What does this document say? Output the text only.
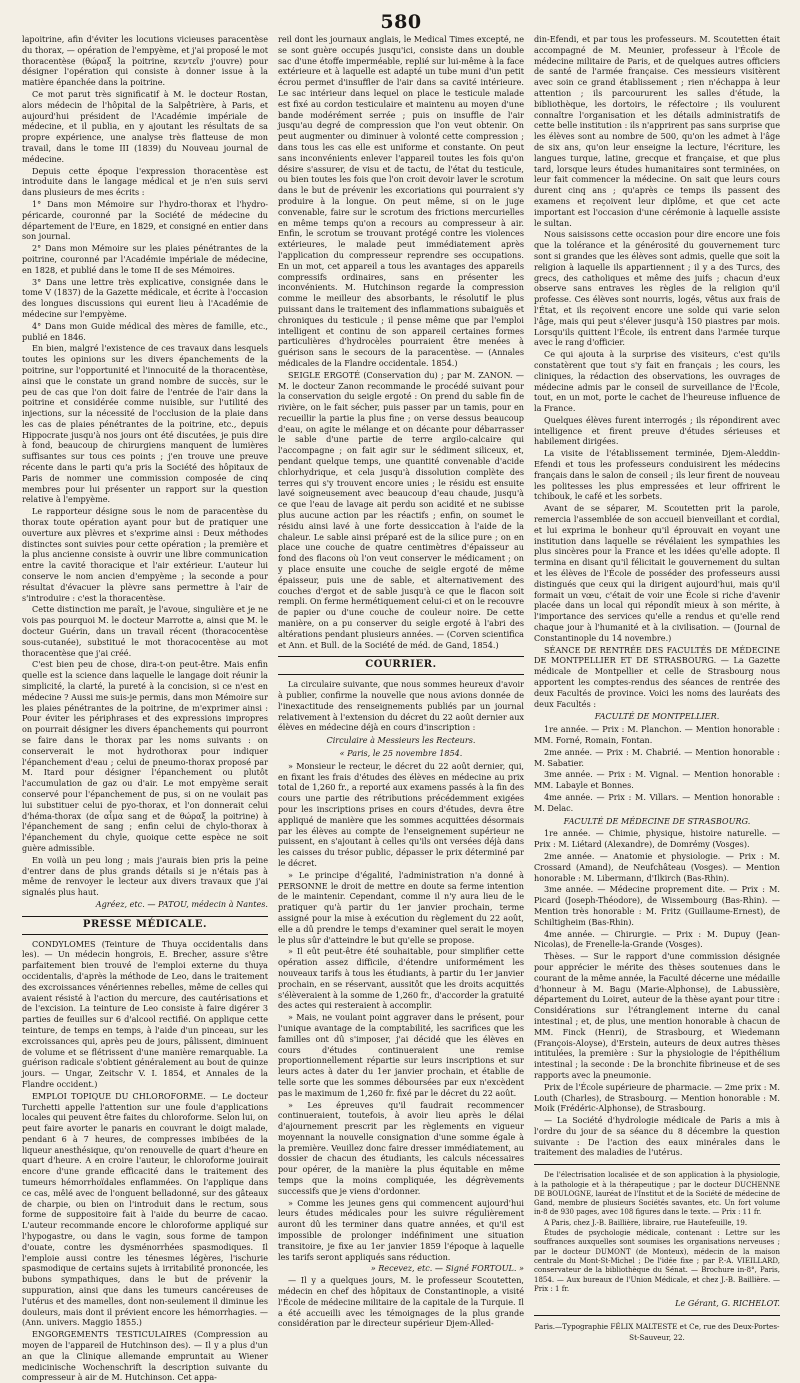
580

lapoitrine, afin d'éviter les locutions vicieuses paracentèse du thorax, — opération de l'empyème, et j'ai proposé le mot thoracentèse (θώραξ la poitrine, κεντεῖν j'ouvre) pour désigner l'opération qui consiste à donner issue à la matière épanchée dans la poitrine.

Ce mot parut très significatif à M. le docteur Rostan, alors médecin de l'hôpital de la Salpêtrière, à Paris, et aujourd'hui président de l'Académie impériale de médecine, et il publia, en y ajoutant les résultats de sa propre expérience, une analyse très flatteuse de mon travail, dans le tome III (1839) du Nouveau journal de médecine.

Depuis cette époque l'expression thoracentèse est introduite dans le langage médical et je n'en suis servi dans plusieurs de mes écrits :

1° Dans mon Mémoire sur l'hydro-thorax et l'hydro-péricarde, couronné par la Société de médecine du département de l'Eure, en 1829, et consigné en entier dans son journal.

2° Dans mon Mémoire sur les plaies pénétrantes de la poitrine, couronné par l'Académie impériale de médecine, en 1828, et publié dans le tome II de ses Mémoires.

3° Dans une lettre très explicative, consignée dans le tome V (1837) de la Gazette médicale, et écrite à l'occasion des longues discussions qui eurent lieu à l'Académie de médecine sur l'empyème.

4° Dans mon Guide médical des mères de famille, etc., publié en 1846.

En bien, malgré l'existence de ces travaux dans lesquels toutes les opinions sur les divers épanchements de la poitrine, sur l'opportunité et l'innocuité de la thoracentèse, ainsi que le constate un grand nombre de succès, sur le peu de cas que l'on doit faire de l'entrée de l'air dans la poitrine et considérée comme nuisible, sur l'utilité des injections, sur la nécessité de l'occlusion de la plaie dans les cas de plaies pénétrantes de la poitrine, etc., depuis Hippocrate jusqu'à nos jours ont été discutées, je puis dire à fond, beaucoup de chirurgiens manquent de lumières suffisantes sur tous ces points ; j'en trouve une preuve récente dans le parti qu'a pris la Société des hôpitaux de Paris de nommer une commission composée de cinq membres pour lui présenter un rapport sur la question relative à l'empyème.

Le rapporteur désigne sous le nom de paracentèse du thorax toute opération ayant pour but de pratiquer une ouverture aux plèvres et s'exprime ainsi : Deux méthodes distinctes sont suivies pour cette opération ; la première et la plus ancienne consiste à ouvrir une libre communication entre la cavité thoracique et l'air extérieur. L'auteur lui conserve le nom ancien d'empyème ; la seconde a pour résultat d'évacuer la plèvre sans permettre à l'air de s'introduire : c'est la thoracentèse.

Cette distinction me paraît, je l'avoue, singulière et je ne vois pas pourquoi M. le docteur Marrotte a, ainsi que M. le docteur Guérin, dans un travail récent (thoracocentèse sous-cutanée), substitué le mot thoracocentèse au mot thoracentèse que j'ai créé.

C'est bien peu de chose, dira-t-on peut-être. Mais enfin quelle est la science dans laquelle le langage doit réunir la simplicité, la clarté, la pureté à la concision, si ce n'est en médecine ? Aussi me suis-je permis, dans mon Mémoire sur les plaies pénétrantes de la poitrine, de m'exprimer ainsi : Pour éviter les périphrases et des expressions impropres on pourrait désigner les divers épanchements qui pourront se faire dans le thorax par les noms suivants : on conserverait le mot hydrothorax pour indiquer l'épanchement d'eau ; celui de pneumo-thorax proposé par M. Itard pour désigner l'épanchement ou plutôt l'accumulation de gaz ou d'air. Le mot empyème serait conservé pour l'épanchement de pus, si on ne voulait pas lui substituer celui de pyo-thorax, et l'on donnerait celui d'héma-thorax (de αἷμα sang et de θώραξ la poitrine) à l'épanchement de sang ; enfin celui de chylo-thorax à l'épanchement du chyle, quoique cette espèce ne soit guère admissible.

En voilà un peu long ; mais j'aurais bien pris la peine d'entrer dans de plus grands détails si je n'étais pas à même de renvoyer le lecteur aux divers travaux que j'ai signalés plus haut.

Agréez, etc. — PATOU, médecin à Nantes.

PRESSE MÉDICALE.

CONDYLOMES (Teinture de Thuya occidentalis dans les). — Un médecin hongrois, E. Brecher, assure s'être parfaitement bien trouvé de l'emploi externe du thuya occidentalis, d'après la méthode de Leo, dans le traitement des excroissances vénériennes rebelles, même de celles qui avaient résisté à l'action du mercure, des cautérisations et de l'excision. La teinture de Leo consiste à faire digérer 3 parties de feuilles sur 6 d'alcool rectifié. On applique cette teinture, de temps en temps, à l'aide d'un pinceau, sur les excroissances qui, après peu de jours, pâlissent, diminuent de volume et se flétrissent d'une manière remarquable. La guérison radicale s'obtient généralement au bout de quinze jours. — Ungar, Zeitschr V. I. 1854, et Annales de la Flandre occident.)

EMPLOI TOPIQUE DU CHLOROFORME. — Le docteur Turchetti appelle l'attention sur une foule d'applications locales qui peuvent être faites du chloroforme. Selon lui, on peut faire avorter le panaris en couvrant le doigt malade, pendant 6 à 7 heures, de compresses imbibées de la liqueur anesthésique, qu'on renouvelle de quart d'heure en quart d'heure. A en croire l'auteur, le chloroforme jouirait encore d'une grande efficacité dans le traitement des tumeurs hémorrhoïdales enflammées. On l'applique dans ce cas, mêlé avec de l'onguent belladonné, sur des gâteaux de charpie, ou bien on l'introduit dans le rectum, sous forme de suppositoire fait à l'aide du beurre de cacao. L'auteur recommande encore le chloroforme appliqué sur l'hypogastre, ou dans le vagin, sous forme de tampon d'ouate, contre les dysménorrhées spasmodiques. Il l'emploie aussi contre les ténesmes légères, l'ischurie spasmodique de certains sujets à irritabilité prononcée, les bubons sympathiques, dans le but de prévenir la suppuration, ainsi que dans les tumeurs cancéreuses de l'utérus et des mamelles, dont non-seulement il diminue les douleurs, mais dont il prévient encore les hémorrhagies. — (Ann. univers. Maggio 1855.)

ENGORGEMENTS TESTICULAIRES (Compression au moyen de l'appareil de Hutchinson des). — Il y a plus d'un an que la Clinique allemande empruntait au Wiener medicinische Wochenschrift la description suivante du compresseur à air de M. Hutchinson. Cet appa-

reil dont les journaux anglais, le Medical Times excepté, ne se sont guère occupés jusqu'ici, consiste dans un double sac d'une étoffe imperméable, replié sur lui-même à la face extérieure et à laquelle est adapté un tube muni d'un petit écrou permet d'insuffler de l'air dans sa cavité intérieure. Le sac intérieur dans lequel on place le testicule malade est fixé au cordon testiculaire et maintenu au moyen d'une bande modérément serrée ; puis on insuffle de l'air jusqu'au degré de compression que l'on veut obtenir. On peut augmenter ou diminuer à volonté cette compression ; dans tous les cas elle est uniforme et constante. On peut sans inconvénients enlever l'appareil toutes les fois qu'on désire s'assurer, de visu et de tactu, de l'état du testicule, ou bien toutes les fois que l'on croit devoir laver le scrotum dans le but de prévenir les excoriations qui pourraient s'y produire à la longue. On peut même, si on le juge convenable, faire sur le scrotum des frictions mercurielles en même temps qu'on a recours au compresseur à air. Enfin, le scrotum se trouvant protégé contre les violences extérieures, le malade peut immédiatement après l'application du compresseur reprendre ses occupations. En un mot, cet appareil a tous les avantages des appareils compressifs ordinaires, sans en présenter les inconvénients. M. Hutchinson regarde la compression comme le meilleur des absorbants, le résolutif le plus puissant dans le traitement des inflammations subaiguës et chroniques du testicule ; il pense même que par l'emploi intelligent et continu de son appareil certaines formes particulières d'hydrocèles pourraient être menées à guérison sans le secours de la paracentèse. — (Annales médicales de la Flandre occidentale. 1854.)

SEIGLE ERGOTÉ (Conservation du) ; par M. ZANON. — M. le docteur Zanon recommande le procédé suivant pour la conservation du seigle ergoté : On prend du sable fin de rivière, on le fait sécher, puis passer par un tamis, pour en recueillir la partie la plus fine ; on verse dessus beaucoup d'eau, on agite le mélange et on décante pour débarrasser le sable d'une partie de terre argilo-calcaire qui l'accompagne ; on fait agir sur le sédiment siliceux, et, pendant quelque temps, une quantité convenable d'acide chlorhydrique, et cela jusqu'à dissolution complète des terres qui s'y trouvent encore unies ; le résidu est ensuite lavé soigneusement avec beaucoup d'eau chaude, jusqu'à ce que l'eau de lavage ait perdu son acidité et ne subisse plus aucune action par les réactifs ; enfin, on soumet le résidu ainsi lavé à une forte dessiccation à l'aide de la chaleur. Le sable ainsi préparé est de la silice pure ; on en place une couche de quatre centimètres d'épaisseur au fond des flacons où l'on veut conserver le médicament ; on y place ensuite une couche de seigle ergoté de même épaisseur, puis une de sable, et alternativement des couches d'ergot et de sable jusqu'à ce que le flacon soit rempli. On ferme hermétiquement celui-ci et on le recouvre de papier ou d'une couche de couleur noire. De cette manière, on a pu conserver du seigle ergoté à l'abri des altérations pendant plusieurs années. — (Corven scientifica et Ann. et Bull. de la Société de méd. de Gand, 1854.)

COURRIER.

La circulaire suivante, que nous sommes heureux d'avoir à publier, confirme la nouvelle que nous avions donnée de l'inexactitude des renseignements publiés par un journal relativement à l'extension du décret du 22 août dernier aux élèves en médecine déjà en cours d'inscription :

Circulaire à Messieurs les Recteurs.
« Paris, le 25 novembre 1854.

» Monsieur le recteur, le décret du 22 août dernier, qui, en fixant les frais d'études des élèves en médecine au prix total de 1,260 fr., a reporté aux examens passés à la fin des cours une partie des rétributions précédemment exigées pour les inscriptions prises en cours d'études, devra être appliqué de manière que les sommes acquittées désormais par les élèves au compte de l'enseignement supérieur ne puissent, en s'ajoutant à celles qu'ils ont versées déjà dans les caisses du trésor public, dépasser le prix déterminé par le décret.

» Le principe d'égalité, l'administration n'a donné à PERSONNE le droit de mettre en doute sa ferme intention de le maintenir. Cependant, comme il n'y aura lieu de le pratiquer qu'à partir du 1er janvier prochain, terme assigné pour la mise à exécution du règlement du 22 août, elle a dû prendre le temps d'examiner quel serait le moyen le plus sûr d'atteindre le but qu'elle se propose.

» Il eût peut-être été souhaitable, pour simplifier cette opération assez difficile, d'étendre uniformément les nouveaux tarifs à tous les étudiants, à partir du 1er janvier prochain, en se réservant, aussitôt que les droits acquittés s'élèveraient à la somme de 1,260 fr., d'accorder la gratuité des actes qui resteraient à accomplir.

» Mais, ne voulant point aggraver dans le présent, pour l'unique avantage de la comptabilité, les sacrifices que les familles ont dû s'imposer, j'ai décidé que les élèves en cours d'études continueraient une remise proportionnellement répartie sur leurs inscriptions et sur leurs actes à dater du 1er janvier prochain, et établie de telle sorte que les sommes déboursées par eux n'excèdent pas le maximum de 1,260 fr. fixé par le décret du 22 août.

» Les épreuves qu'il faudrait recommencer continueraient, toutefois, à avoir lieu après le délai d'ajournement prescrit par les règlements en vigueur moyennant la nouvelle consignation d'une somme égale à la première. Veuillez donc faire dresser immédiatement, au dossier de chacun des étudiants, les calculs nécessaires pour opérer, de la manière la plus équitable en même temps que la moins compliquée, les dégrèvements successifs que je viens d'ordonner.

» Comme les jeunes gens qui commencent aujourd'hui leurs études médicales pour les suivre régulièrement auront dû les terminer dans quatre années, et qu'il est impossible de prolonger indéfiniment une situation transitoire, je fixe au 1er janvier 1859 l'époque à laquelle les tarifs seront appliqués sans réduction.

» Recevez, etc. — Signé FORTOUL. »

— Il y a quelques jours, M. le professeur Scoutetten, médecin en chef des hôpitaux de Constantinople, a visité l'École de médecine militaire de la capitale de la Turquie. Il a été accueilli avec les témoignages de la plus grande considération par le directeur supérieur Djem-Alled-

din-Efendi, et par tous les professeurs. M. Scoutetten était accompagné de M. Meunier, professeur à l'École de médecine militaire de Paris, et de quelques autres officiers de santé de l'armée française. Ces messieurs visitèrent avec soin ce grand établissement ; rien n'échappa à leur attention ; ils parcoururent les salles d'étude, la bibliothèque, les dortoirs, le réfectoire ; ils voulurent connaître l'organisation et les détails administratifs de cette belle institution : ils n'apprirent pas sans surprise que les élèves sont au nombre de 500, qu'on les admet à l'âge de six ans, qu'on leur enseigne la lecture, l'écriture, les langues turque, latine, grecque et française, et que plus tard, lorsque leurs études humanitaires sont terminées, on leur fait commencer la médecine. On sait que leurs cours durent cinq ans ; qu'après ce temps ils passent des examens et reçoivent leur diplôme, et que cet acte important est l'occasion d'une cérémonie à laquelle assiste le sultan.

Nous saisissons cette occasion pour dire encore une fois que la tolérance et la générosité du gouvernement turc sont si grandes que les élèves sont admis, quelle que soit la religion à laquelle ils appartiennent ; il y a des Turcs, des grecs, des catholiques et même des juifs ; chacun d'eux observe sans entraves les règles de la religion qu'il professe. Ces élèves sont nourris, logés, vêtus aux frais de l'État, et ils reçoivent encore une solde qui varie selon l'âge, mais qui peut s'élever jusqu'à 150 piastres par mois. Lorsqu'ils quittent l'École, ils entrent dans l'armée turque avec le rang d'officier.

Ce qui ajouta à la surprise des visiteurs, c'est qu'ils constatèrent que tout s'y fait en français ; les cours, les cliniques, la rédaction des observations, les ouvrages de médecine admis par le conseil de surveillance de l'École, tout, en un mot, porte le cachet de l'heureuse influence de la France.

Quelques élèves furent interrogés ; ils répondirent avec intelligence et firent preuve d'études sérieuses et habilement dirigées.

La visite de l'établissement terminée, Djem-Aleddin-Efendi et tous les professeurs conduisirent les médecins français dans le salon de conseil ; ils leur firent de nouveau les politesses les plus empressées et leur offrirent le tchibouk, le café et les sorbets.

Avant de se séparer, M. Scoutetten prit la parole, remercia l'assemblée de son accueil bienveillant et cordial, et lui exprima le bonheur qu'il éprouvait en voyant une institution dans laquelle se révélaient les sympathies les plus sincères pour la France et les idées qu'elle adopte. Il termina en disant qu'il félicitait le gouvernement du sultan et les élèves de l'École de posséder des professeurs aussi distingués que ceux qui la dirigent aujourd'hui, mais qu'il formait un vœu, c'était de voir une École si riche d'avenir placée dans un local qui répondît mieux à son mérite, à l'importance des services qu'elle a rendus et qu'elle rend chaque jour à l'humanité et à la civilisation. — (Journal de Constantinople du 14 novembre.)

SÉANCE DE RENTRÉE DES FACULTÉS DE MÉDECINE DE MONTPELLIER ET DE STRASBOURG. — La Gazette médicale de Montpellier et celle de Strasbourg nous apportent les comptes-rendus des séances de rentrée des deux Facultés de province. Voici les noms des lauréats des deux Facultés :

FACULTÉ DE MONTPELLIER.

1re année. — Prix : M. Planchon. — Mention honorable : MM. Forné, Romain, Fontan.

2me année. — Prix : M. Chabrié. — Mention honorable : M. Sabatier.

3me année. — Prix : M. Vignal. — Mention honorable : MM. Labayle et Bonnes.

4me année. — Prix : M. Villars. — Mention honorable : M. Delac.

FACULTÉ DE MÉDECINE DE STRASBOURG.

1re année. — Chimie, physique, histoire naturelle. — Prix : M. Liétard (Alexandre), de Domrémy (Vosges).

2me année. — Anatomie et physiologie. — Prix : M. Crossard (Amand), de Neufchâteau (Vosges). — Mention honorable : M. Libermann, d'Ilkirch (Bas-Rhin).

3me année. — Médecine proprement dite. — Prix : M. Picard (Joseph-Théodore), de Wissembourg (Bas-Rhin). — Mention très honorable : M. Fritz (Guillaume-Ernest), de Schiltigheim (Bas-Rhin).

4me année. — Chirurgie. — Prix : M. Dupuy (Jean-Nicolas), de Frenelle-la-Grande (Vosges).

Thèses. — Sur le rapport d'une commission désignée pour apprécier le mérite des thèses soutenues dans le courant de la même année, la Faculté décerne une médaille d'honneur à M. Bagu (Marie-Alphonse), de Labussière, département du Loiret, auteur de la thèse ayant pour titre : Considérations sur l'étranglement interne du canal intestinal ; et, de plus, une mention honorable à chacun de MM. Finck (Henri), de Strasbourg, et Wiedemann (François-Aloyse), d'Erstein, auteurs de deux autres thèses intitulées, la première : Sur la physiologie de l'épithélium intestinal ; la seconde : De la bronchite fibrineuse et de ses rapports avec la pneumonie.

Prix de l'École supérieure de pharmacie. — 2me prix : M. Louth (Charles), de Strasbourg. — Mention honorable : M. Moik (Frédéric-Alphonse), de Strasbourg.

— La Société d'hydrologie médicale de Paris a mis à l'ordre du jour de sa séance du 8 décembre la question suivante : De l'action des eaux minérales dans le traitement des maladies de l'utérus.

De l'électrisation localisée et de son application à la physiologie, à la pathologie et à la thérapeutique ; par le docteur DUCHENNE DE BOULOGNE, lauréat de l'Institut et de la Société de médecine de Gand, membre de plusieurs Sociétés savantes, etc. Un fort volume in-8 de 930 pages, avec 108 figures dans le texte. — Prix : 11 fr.

A Paris, chez J.-B. Baillière, libraire, rue Hautefeuille, 19.

Études de psychologie médicale, contenant : Lettre sur les souffrances auxquelles sont soumises les organisations nerveuses ; par le docteur DUMONT (de Monteux), médecin de la maison centrale du Mont-St-Michel ; De l'idée fixe ; par P.-A. VIEILLARD, conservateur de la bibliothèque du Sénat. — Brochure in-8°, Paris, 1854. — Aux bureaux de l'Union Médicale, et chez J.-B. Baillière. — Prix : 1 fr.

Le Gérant, G. RICHELOT.
Paris.—Typographie FÉLIX MALTESTE et Ce, rue des Deux-Portes-St-Sauveur, 22.
